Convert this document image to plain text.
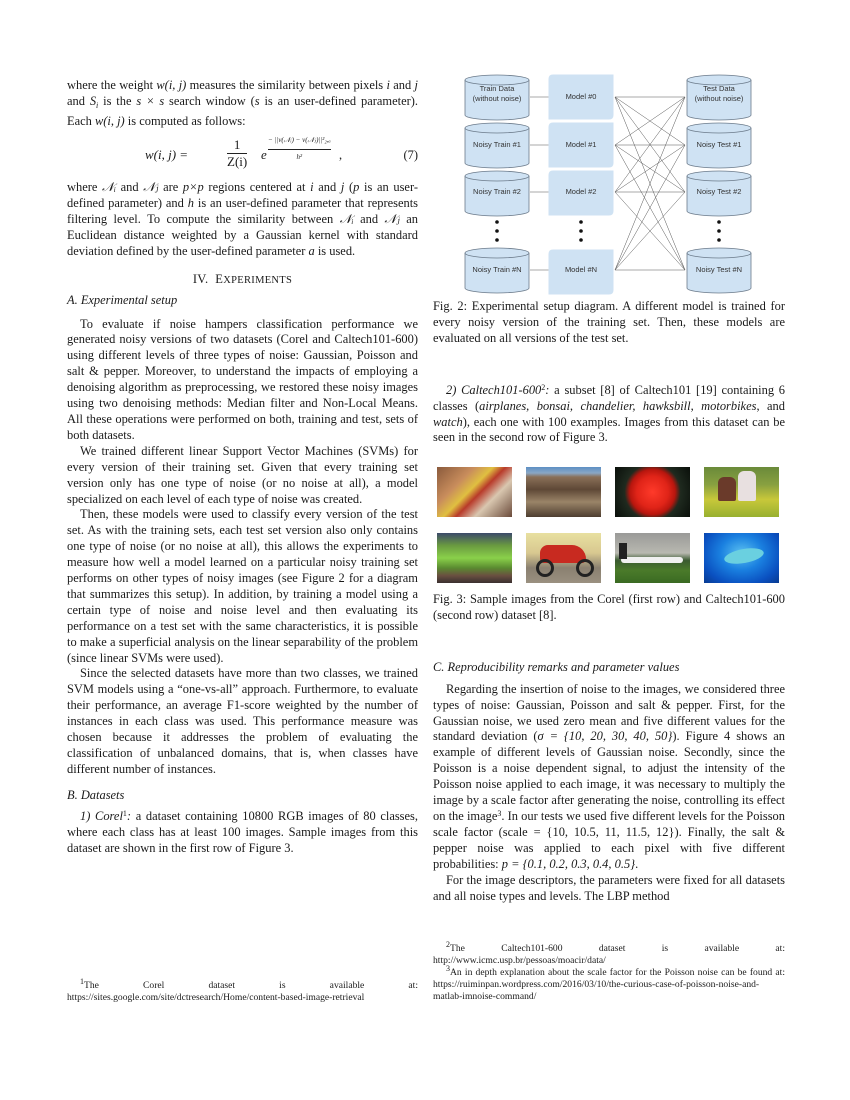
where the weight w(i, j) measures the similarity between pixels i and j and $S_i$ is the s × s search window (s is an user-defined parameter). Each w(i, j) is computed as follows:

w(i, j) =	$\frac{1}{Z(i)}$ e
− ||v(𝒩ᵢ) − v(𝒩ⱼ)||²₂,ₐ
h²	,	(7)

where 𝒩ᵢ and 𝒩ⱼ are p×p regions centered at i and j (p is an user-defined parameter) and h is an user-defined parameter that represents filtering level. To compute the similarity between 𝒩ᵢ and 𝒩ⱼ an Euclidean distance weighted by a Gaussian kernel with standard deviation defined by the user-defined parameter a is used.

IV. EXPERIMENTS
A. Experimental setup

To evaluate if noise hampers classification performance we generated noisy versions of two datasets (Corel and Caltech101-600) using different levels of three types of noise: Gaussian, Poisson and salt & pepper. Moreover, to understand the impacts of employing a denoising algorithm as preprocessing, we restored these noisy images using two denoising methods: Median filter and Non-Local Means. All these operations were performed on both, training and test, sets of both datasets.

We trained different linear Support Vector Machines (SVMs) for every version of their training set. Given that every training set version only has one type of noise (or no noise at all), a model specialized on each level of each type of noise was created.

Then, these models were used to classify every version of the test set. As with the training sets, each test set version also only contains one type of noise (or no noise at all), this allows the experiments to measure how well a model learned on a particular noisy training set performs on other types of noisy images (see Figure 2 for a diagram that summarizes this setup). In addition, by training a model using a certain type of noise and noise level and then evaluating its performance on a test set with the same characteristics, it is possible to make a superficial analysis on the linear separability of the problem (since linear SVMs were used).

Since the selected datasets have more than two classes, we trained SVM models using a “one-vs-all” approach. Furthermore, to evaluate their performance, an average F1-score weighted by the number of instances in each class was used. This performance measure was chosen because it addresses the problem of evaluating the classification of unbalanced domains, that is, when classes have different number of instances.

B. Datasets

1) Corel$^1$: a dataset containing 10800 RGB images of 80 classes, where each class has at least 100 images. Sample images from this dataset are shown in the first row of Figure 3.

$^1$The Corel dataset is available at: https://sites.google.com/site/dctresearch/Home/content-based-image-retrieval

Train Data
(without noise)
Noisy Train #1
Noisy Train #2
Noisy Train #N
Model #0
Model #1
Model #2
Model #N
Test Data
(without noise)
Noisy Test #1
Noisy Test #2
Noisy Test #N

Fig. 2: Experimental setup diagram. A different model is trained for every noisy version of the training set. Then, these models are evaluated on all versions of the test set.

2) $Caltech101-600^2$: a subset [8] of Caltech101 [19] containing 6 classes (airplanes, bonsai, chandelier, hawksbill, motorbikes, and watch), each one with 100 examples. Images from this dataset can be seen in the second row of Figure 3.

Fig. 3: Sample images from the Corel (first row) and Caltech101-600 (second row) dataset [8].

C. Reproducibility remarks and parameter values

Regarding the insertion of noise to the images, we considered three types of noise: Gaussian, Poisson and salt & pepper. First, for the Gaussian noise, we used zero mean and five different values for the standard deviation (σ = {10, 20, 30, 40, 50}). Figure 4 shows an example of different levels of Gaussian noise. Secondly, since the Poisson is a noise dependent signal, to adjust the intensity of the Poisson noise applied to each image, it was necessary to multiply the image by a scale factor after generating the noise, controlling its effect on the image$^3$. In our tests we used five different levels for the Poisson scale factor (scale = {10, 10.5, 11, 11.5, 12}). Finally, the salt & pepper noise was applied to each pixel with five different probabilities: p = {0.1, 0.2, 0.3, 0.4, 0.5}.

For the image descriptors, the parameters were fixed for all datasets and all noise types and levels. The LBP method

$^2$The Caltech101-600 dataset is available at: http://www.icmc.usp.br/pessoas/moacir/data/

$^3$An in depth explanation about the scale factor for the Poisson noise can be found at: https://ruiminpan.wordpress.com/2016/03/10/the-curious-case-of-poisson-noise-and-matlab-imnoise-command/
